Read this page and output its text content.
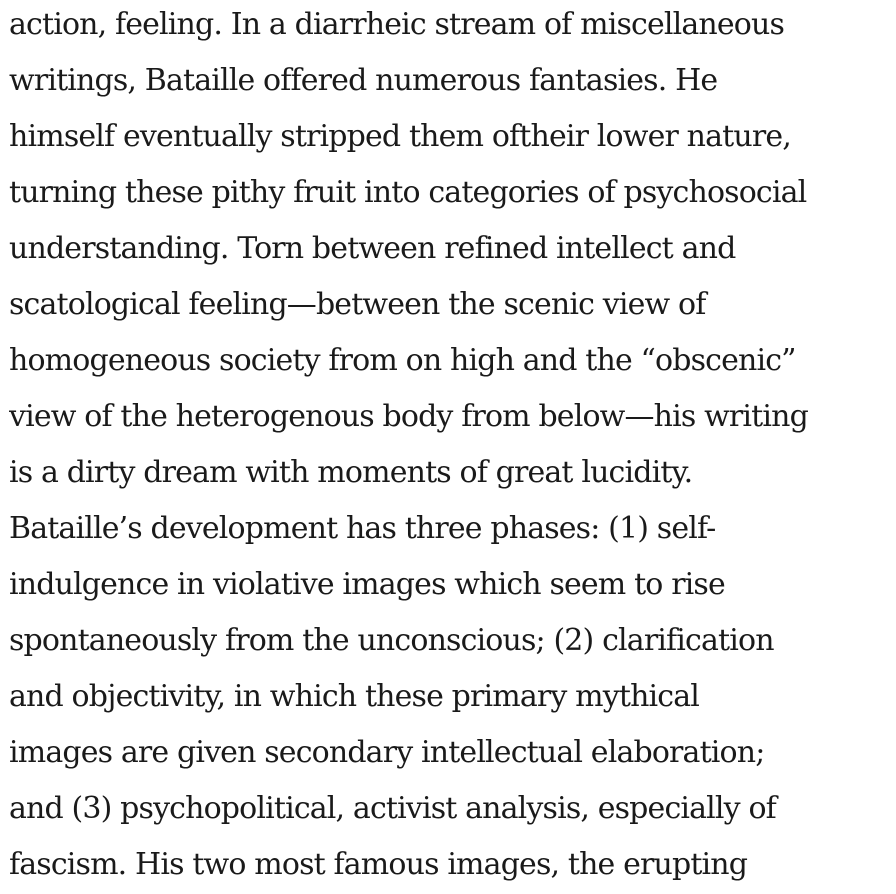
action, feeling. In a diarrheic stream of miscellaneous
writings, Bataille offered numerous fantasies. He
himself eventually stripped them oftheir lower nature,
turning these pithy fruit into categories of psychosocial
understanding. Torn between refined intellect and
scatological feeling—between the scenic view of
homogeneous society from on high and the “obscenic”
view of the heterogenous body from below—his writing
is a dirty dream with moments of great lucidity.
Bataille’s development has three phases: (1) self-
indulgence in violative images which seem to rise
spontaneously from the unconscious; (2) clarification
and objectivity, in which these primary mythical
images are given secondary intellectual elaboration;
and (3) psychopolitical, activist analysis, especially of
fascism. His two most famous images, the erupting
